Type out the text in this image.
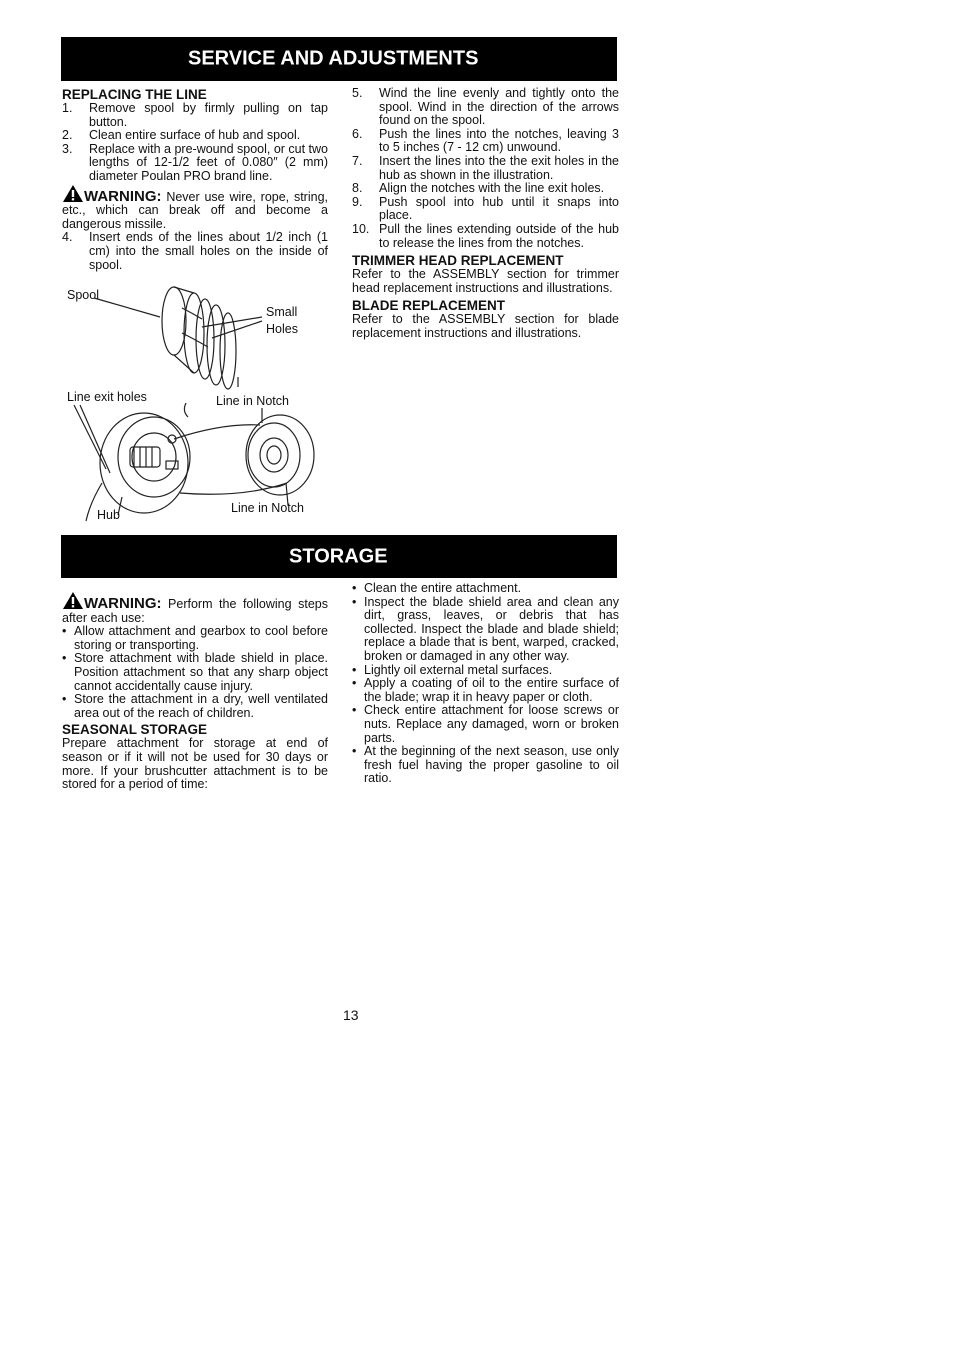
SERVICE AND ADJUSTMENTS

REPLACING THE LINE

1. Remove spool by firmly pulling on tap button.
2. Clean entire surface of hub and spool.
3. Replace with a pre-wound spool, or cut two lengths of 12-1/2 feet of 0.080″ (2 mm) diameter Poulan PRO brand line.

WARNING: Never use wire, rope, string, etc., which can break off and become a dangerous missile.

4. Insert ends of the lines about 1/2 inch (1 cm) into the small holes on the inside of spool.
Spool
Small
Holes
Line exit holes	Line in Notch
Hub	Line in Notch
5. Wind the line evenly and tightly onto the spool. Wind in the direction of the arrows found on the spool.
6. Push the lines into the notches, leaving 3 to 5 inches (7 - 12 cm) unwound.
7. Insert the lines into the the exit holes in the hub as shown in the illustration.
8. Align the notches with the line exit holes.
9. Push spool into hub until it snaps into place.
10. Pull the lines extending outside of the hub to release the lines from the notches.

TRIMMER HEAD REPLACEMENT

Refer to the ASSEMBLY section for trimmer head replacement instructions and illustrations.

BLADE REPLACEMENT

Refer to the ASSEMBLY section for blade replacement instructions and illustrations.

STORAGE

WARNING: Perform the following steps after each use:

• Allow attachment and gearbox to cool before storing or transporting.
• Store attachment with blade shield in place. Position attachment so that any sharp object cannot accidentally cause injury.
• Store the attachment in a dry, well ventilated area out of the reach of children.

SEASONAL STORAGE

Prepare attachment for storage at end of season or if it will not be used for 30 days or more. If your brushcutter attachment is to be stored for a period of time:

• Clean the entire attachment.
• Inspect the blade shield area and clean any dirt, grass, leaves, or debris that has collected. Inspect the blade and blade shield; replace a blade that is bent, warped, cracked, broken or damaged in any other way.
• Lightly oil external metal surfaces.
• Apply a coating of oil to the entire surface of the blade; wrap it in heavy paper or cloth.
• Check entire attachment for loose screws or nuts. Replace any damaged, worn or broken parts.
• At the beginning of the next season, use only fresh fuel having the proper gasoline to oil ratio.
13
